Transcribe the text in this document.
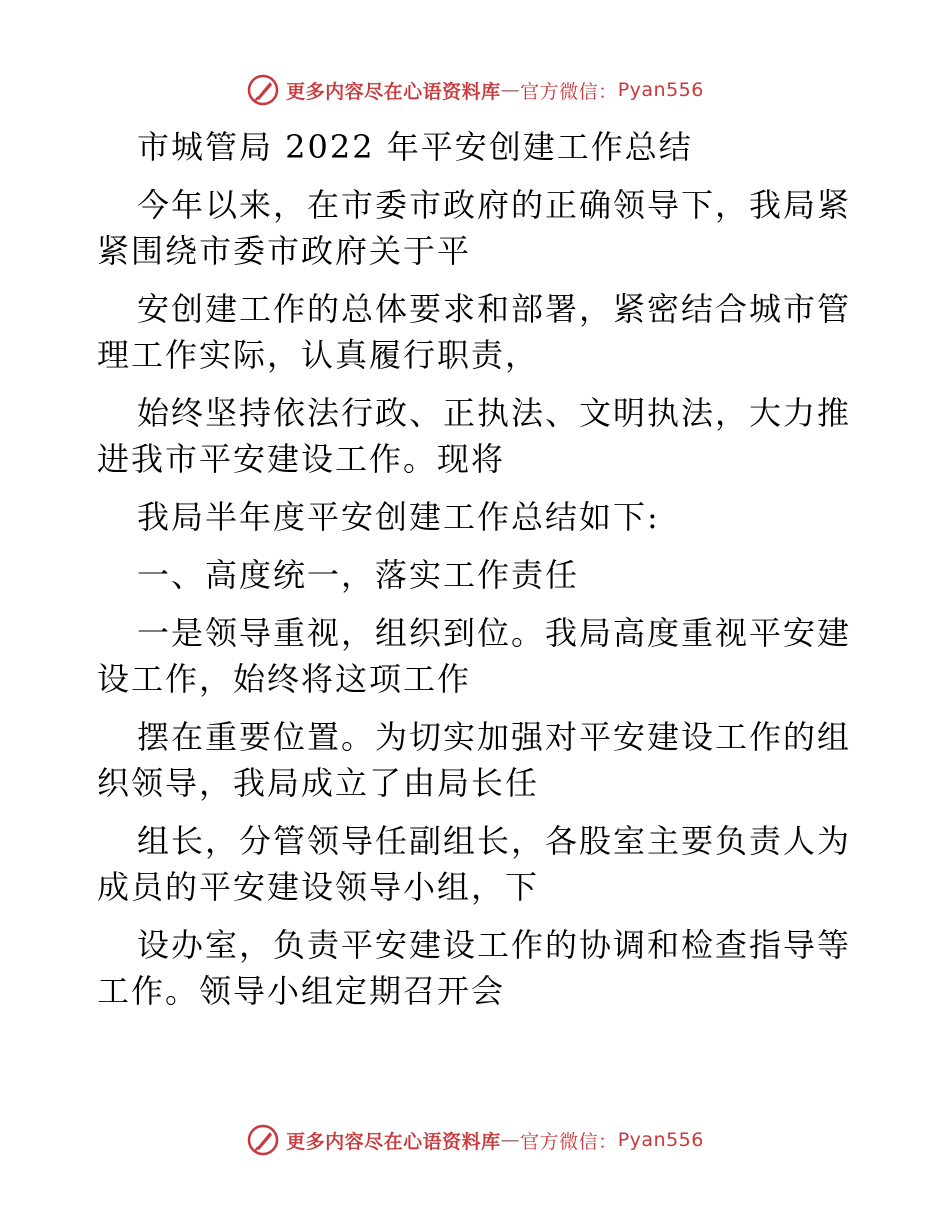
更多内容尽在心语资料库 — 官方微信： Pyan556
市城管局 2022 年平安创建工作总结
今年以来，在市委市政府的正确领导下，我局紧
紧围绕市委市政府关于平
安创建工作的总体要求和部署，紧密结合城市管
理工作实际，认真履行职责，
始终坚持依法行政、正执法、文明执法，大力推
进我市平安建设工作。现将
我局半年度平安创建工作总结如下:
一、高度统一，落实工作责任
一是领导重视，组织到位。我局高度重视平安建
设工作，始终将这项工作
摆在重要位置。为切实加强对平安建设工作的组
织领导，我局成立了由局长任
组长，分管领导任副组长，各股室主要负责人为
成员的平安建设领导小组，下
设办室，负责平安建设工作的协调和检查指导等
工作。领导小组定期召开会
更多内容尽在心语资料库 — 官方微信： Pyan556
